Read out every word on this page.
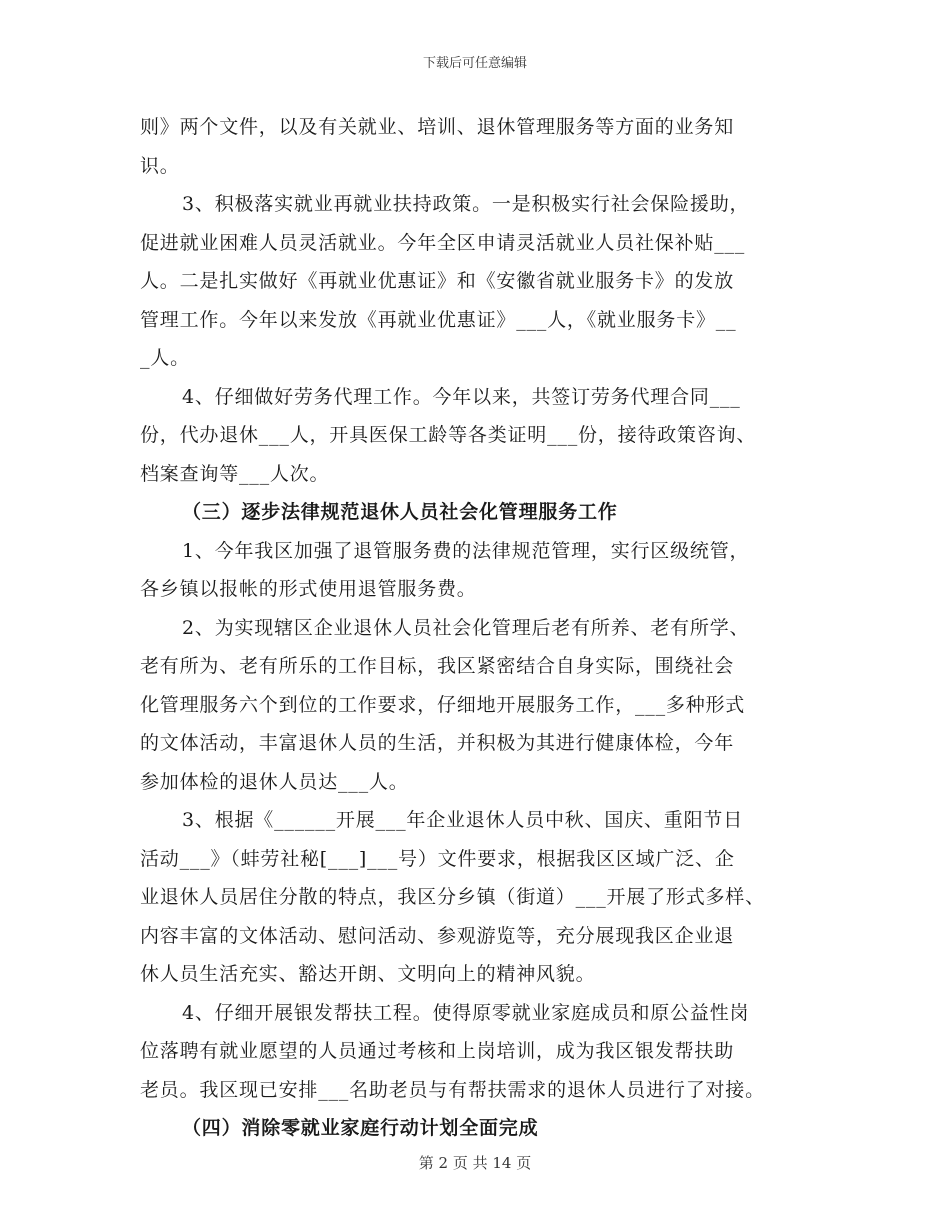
下载后可任意编辑
则》两个文件，以及有关就业、培训、退休管理服务等方面的业务知
识。
3、积极落实就业再就业扶持政策。一是积极实行社会保险援助，
促进就业困难人员灵活就业。今年全区申请灵活就业人员社保补贴___
人。二是扎实做好《再就业优惠证》和《安徽省就业服务卡》的发放
管理工作。今年以来发放《再就业优惠证》___人，《就业服务卡》__
_人。
4、仔细做好劳务代理工作。今年以来，共签订劳务代理合同___
份，代办退休___人，开具医保工龄等各类证明___份，接待政策咨询、
档案查询等___人次。
（三）逐步法律规范退休人员社会化管理服务工作
1、今年我区加强了退管服务费的法律规范管理，实行区级统管，
各乡镇以报帐的形式使用退管服务费。
2、为实现辖区企业退休人员社会化管理后老有所养、老有所学、
老有所为、老有所乐的工作目标，我区紧密结合自身实际，围绕社会
化管理服务六个到位的工作要求，仔细地开展服务工作，___多种形式
的文体活动，丰富退休人员的生活，并积极为其进行健康体检，今年
参加体检的退休人员达___人。
3、根据《______开展___年企业退休人员中秋、国庆、重阳节日
活动___》（蚌劳社秘[___]___号）文件要求，根据我区区域广泛、企
业退休人员居住分散的特点，我区分乡镇（街道）___开展了形式多样、
内容丰富的文体活动、慰问活动、参观游览等，充分展现我区企业退
休人员生活充实、豁达开朗、文明向上的精神风貌。
4、仔细开展银发帮扶工程。使得原零就业家庭成员和原公益性岗
位落聘有就业愿望的人员通过考核和上岗培训，成为我区银发帮扶助
老员。我区现已安排___名助老员与有帮扶需求的退休人员进行了对接。
（四）消除零就业家庭行动计划全面完成
第 2 页 共 14 页
